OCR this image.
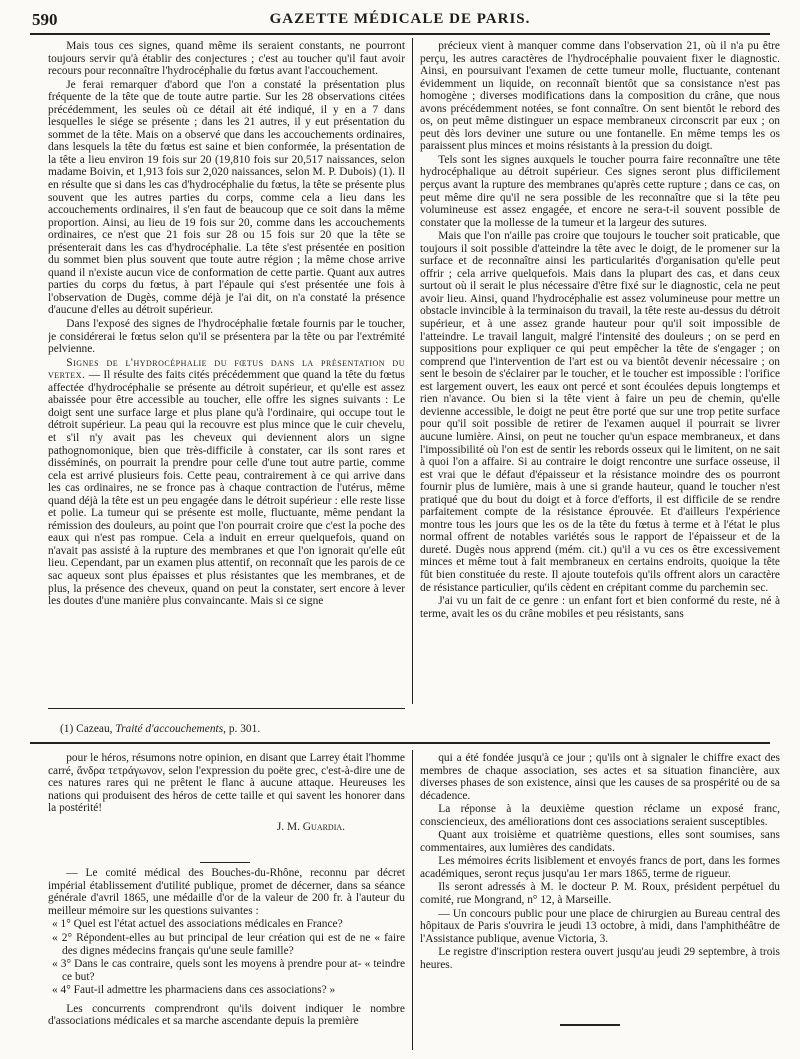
590	GAZETTE MÉDICALE DE PARIS.

Mais tous ces signes, quand même ils seraient constants, ne pourront toujours servir qu'à établir des conjectures ; c'est au toucher qu'il faut avoir recours pour reconnaître l'hydrocéphalie du fœtus avant l'accouchement.

Je ferai remarquer d'abord que l'on a constaté la présentation plus fréquente de la tête que de toute autre partie. Sur les 28 observations citées précédemment, les seules où ce détail ait été indiqué, il y en a 7 dans lesquelles le siége se présente ; dans les 21 autres, il y eut présentation du sommet de la tête. Mais on a observé que dans les accouchements ordinaires, dans lesquels la tête du fœtus est saine et bien conformée, la présentation de la tête a lieu environ 19 fois sur 20 (19,810 fois sur 20,517 naissances, selon madame Boivin, et 1,913 fois sur 2,020 naissances, selon M. P. Dubois) (1). Il en résulte que si dans les cas d'hydrocéphalie du fœtus, la tête se présente plus souvent que les autres parties du corps, comme cela a lieu dans les accouchements ordinaires, il s'en faut de beaucoup que ce soit dans la même proportion. Ainsi, au lieu de 19 fois sur 20, comme dans les accouchements ordinaires, ce n'est que 21 fois sur 28 ou 15 fois sur 20 que la tête se présenterait dans les cas d'hydrocéphalie. La tête s'est présentée en position du sommet bien plus souvent que toute autre région ; la même chose arrive quand il n'existe aucun vice de conformation de cette partie. Quant aux autres parties du corps du fœtus, à part l'épaule qui s'est présentée une fois à l'observation de Dugès, comme déjà je l'ai dit, on n'a constaté la présence d'aucune d'elles au détroit supérieur.

Dans l'exposé des signes de l'hydrocéphalie fœtale fournis par le toucher, je considérerai le fœtus selon qu'il se présentera par la tête ou par l'extrémité pelvienne.

Signes de l'hydrocéphalie du fœtus dans la présentation du vertex. — Il résulte des faits cités précédemment que quand la tête du fœtus affectée d'hydrocéphalie se présente au détroit supérieur, et qu'elle est assez abaissée pour être accessible au toucher, elle offre les signes suivants : Le doigt sent une surface large et plus plane qu'à l'ordinaire, qui occupe tout le détroit supérieur. La peau qui la recouvre est plus mince que le cuir chevelu, et s'il n'y avait pas les cheveux qui deviennent alors un signe pathognomonique, bien que très-difficile à constater, car ils sont rares et disséminés, on pourrait la prendre pour celle d'une tout autre partie, comme cela est arrivé plusieurs fois. Cette peau, contrairement à ce qui arrive dans les cas ordinaires, ne se fronce pas à chaque contraction de l'utérus, même quand déjà la tête est un peu engagée dans le détroit supérieur : elle reste lisse et polie. La tumeur qui se présente est molle, fluctuante, même pendant la rémission des douleurs, au point que l'on pourrait croire que c'est la poche des eaux qui n'est pas rompue. Cela a induit en erreur quelquefois, quand on n'avait pas assisté à la rupture des membranes et que l'on ignorait qu'elle eût lieu. Cependant, par un examen plus attentif, on reconnaît que les parois de ce sac aqueux sont plus épaisses et plus résistantes que les membranes, et de plus, la présence des cheveux, quand on peut la constater, sert encore à lever les doutes d'une manière plus convaincante. Mais si ce signe

précieux vient à manquer comme dans l'observation 21, où il n'a pu être perçu, les autres caractères de l'hydrocéphalie pouvaient fixer le diagnostic. Ainsi, en poursuivant l'examen de cette tumeur molle, fluctuante, contenant évidemment un liquide, on reconnaît bientôt que sa consistance n'est pas homogène ; diverses modifications dans la composition du crâne, que nous avons précédemment notées, se font connaître. On sent bientôt le rebord des os, on peut même distinguer un espace membraneux circonscrit par eux ; on peut dès lors deviner une suture ou une fontanelle. En même temps les os paraissent plus minces et moins résistants à la pression du doigt.

Tels sont les signes auxquels le toucher pourra faire reconnaître une tête hydrocéphalique au détroit supérieur. Ces signes seront plus difficilement perçus avant la rupture des membranes qu'après cette rupture ; dans ce cas, on peut même dire qu'il ne sera possible de les reconnaître que si la tête peu volumineuse est assez engagée, et encore ne sera-t-il souvent possible de constater que la mollesse de la tumeur et la largeur des sutures.

Mais que l'on n'aille pas croire que toujours le toucher soit praticable, que toujours il soit possible d'atteindre la tête avec le doigt, de le promener sur la surface et de reconnaître ainsi les particularités d'organisation qu'elle peut offrir ; cela arrive quelquefois. Mais dans la plupart des cas, et dans ceux surtout où il serait le plus nécessaire d'être fixé sur le diagnostic, cela ne peut avoir lieu. Ainsi, quand l'hydrocéphalie est assez volumineuse pour mettre un obstacle invincible à la terminaison du travail, la tête reste au-dessus du détroit supérieur, et à une assez grande hauteur pour qu'il soit impossible de l'atteindre. Le travail languit, malgré l'intensité des douleurs ; on se perd en suppositions pour expliquer ce qui peut empêcher la tête de s'engager ; on comprend que l'intervention de l'art est ou va bientôt devenir nécessaire ; on sent le besoin de s'éclairer par le toucher, et le toucher est impossible : l'orifice est largement ouvert, les eaux ont percé et sont écoulées depuis longtemps et rien n'avance. Ou bien si la tête vient à faire un peu de chemin, qu'elle devienne accessible, le doigt ne peut être porté que sur une trop petite surface pour qu'il soit possible de retirer de l'examen auquel il pourrait se livrer aucune lumière. Ainsi, on peut ne toucher qu'un espace membraneux, et dans l'impossibilité où l'on est de sentir les rebords osseux qui le limitent, on ne sait à quoi l'on a affaire. Si au contraire le doigt rencontre une surface osseuse, il est vrai que le défaut d'épaisseur et la résistance moindre des os pourront fournir plus de lumière, mais à une si grande hauteur, quand le toucher n'est pratiqué que du bout du doigt et à force d'efforts, il est difficile de se rendre parfaitement compte de la résistance éprouvée. Et d'ailleurs l'expérience montre tous les jours que les os de la tête du fœtus à terme et à l'état le plus normal offrent de notables variétés sous le rapport de l'épaisseur et de la dureté. Dugès nous apprend (mém. cit.) qu'il a vu ces os être excessivement minces et même tout à fait membraneux en certains endroits, quoique la tête fût bien constituée du reste. Il ajoute toutefois qu'ils offrent alors un caractère de résistance particulier, qu'ils cèdent en crépitant comme du parchemin sec.

J'ai vu un fait de ce genre : un enfant fort et bien conformé du reste, né à terme, avait les os du crâne mobiles et peu résistants, sans

(1) Cazeau, Traité d'accouchements, p. 301.

pour le héros, résumons notre opinion, en disant que Larrey était l'homme carré, ἄνδρα τετράγωνον, selon l'expression du poëte grec, c'est-à-dire une de ces natures rares qui ne prêtent le flanc à aucune attaque. Heureuses les nations qui produisent des héros de cette taille et qui savent les honorer dans la postérité!

J. M. Guardia.

— Le comité médical des Bouches-du-Rhône, reconnu par décret impérial établissement d'utilité publique, promet de décerner, dans sa séance générale d'avril 1865, une médaille d'or de la valeur de 200 fr. à l'auteur du meilleur mémoire sur les questions suivantes :

« 1° Quel est l'état actuel des associations médicales en France?

« 2° Répondent-elles au but principal de leur création qui est de ne « faire des dignes médecins français qu'une seule famille?

« 3° Dans le cas contraire, quels sont les moyens à prendre pour at- « teindre ce but?

« 4° Faut-il admettre les pharmaciens dans ces associations? »

Les concurrents comprendront qu'ils doivent indiquer le nombre d'associations médicales et sa marche ascendante depuis la première

qui a été fondée jusqu'à ce jour ; qu'ils ont à signaler le chiffre exact des membres de chaque association, ses actes et sa situation financière, aux diverses phases de son existence, ainsi que les causes de sa prospérité ou de sa décadence.

La réponse à la deuxième question réclame un exposé franc, consciencieux, des améliorations dont ces associations seraient susceptibles.

Quant aux troisième et quatrième questions, elles sont soumises, sans commentaires, aux lumières des candidats.

Les mémoires écrits lisiblement et envoyés francs de port, dans les formes académiques, seront reçus jusqu'au 1er mars 1865, terme de rigueur.

Ils seront adressés à M. le docteur P. M. Roux, président perpétuel du comité, rue Mongrand, n° 12, à Marseille.

— Un concours public pour une place de chirurgien au Bureau central des hôpitaux de Paris s'ouvrira le jeudi 13 octobre, à midi, dans l'amphithéâtre de l'Assistance publique, avenue Victoria, 3.

Le registre d'inscription restera ouvert jusqu'au jeudi 29 septembre, à trois heures.
